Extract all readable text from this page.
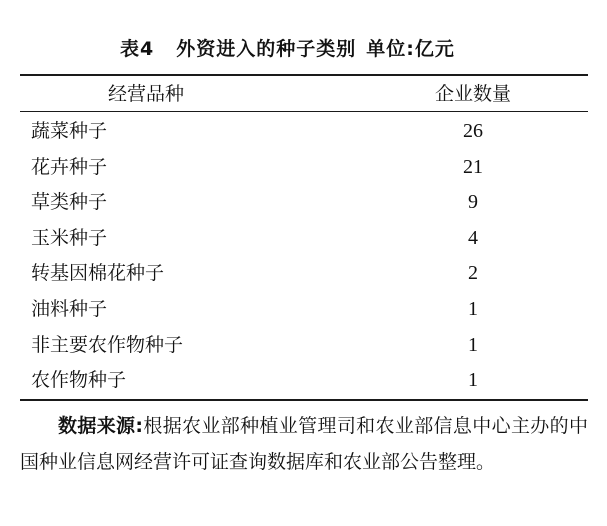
表4 外资进入的种子类别 单位:亿元
经营品种	企业数量
蔬菜种子	26
花卉种子	21
草类种子	9
玉米种子	4
转基因棉花种子	2
油料种子	1
非主要农作物种子	1
农作物种子	1
数据来源:根据农业部种植业管理司和农业部信息中心主办的中国种业信息网经营许可证查询数据库和农业部公告整理。
